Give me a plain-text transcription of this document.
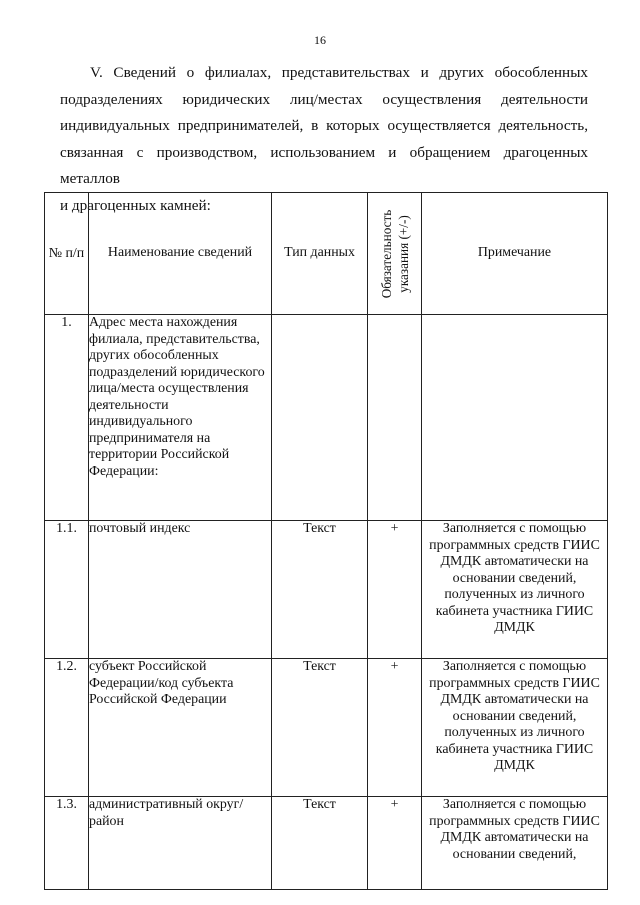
16
V. Сведений о филиалах, представительствах и других обособленных
подразделениях юридических лиц/местах осуществления деятельности
индивидуальных предпринимателей, в которых осуществляется деятельность,
связанная с производством, использованием и обращением драгоценных металлов
и драгоценных камней:
№ п/п	Наименование сведений	Тип данных	Обязательность указания (+/-)	Примечание
1.	Адрес места нахождения филиала, представительства, других обособленных подразделений юридического лица/места осуществления деятельности индивидуального предпринимателя на территории Российской Федерации:			
1.1.	почтовый индекс	Текст	+	Заполняется с помощью программных средств ГИИС ДМДК автоматически на основании сведений, полученных из личного кабинета участника ГИИС ДМДК
1.2.	субъект Российской Федерации/код субъекта Российской Федерации	Текст	+	Заполняется с помощью программных средств ГИИС ДМДК автоматически на основании сведений, полученных из личного кабинета участника ГИИС ДМДК
1.3.	административный округ/ район	Текст	+	Заполняется с помощью программных средств ГИИС ДМДК автоматически на основании сведений,
